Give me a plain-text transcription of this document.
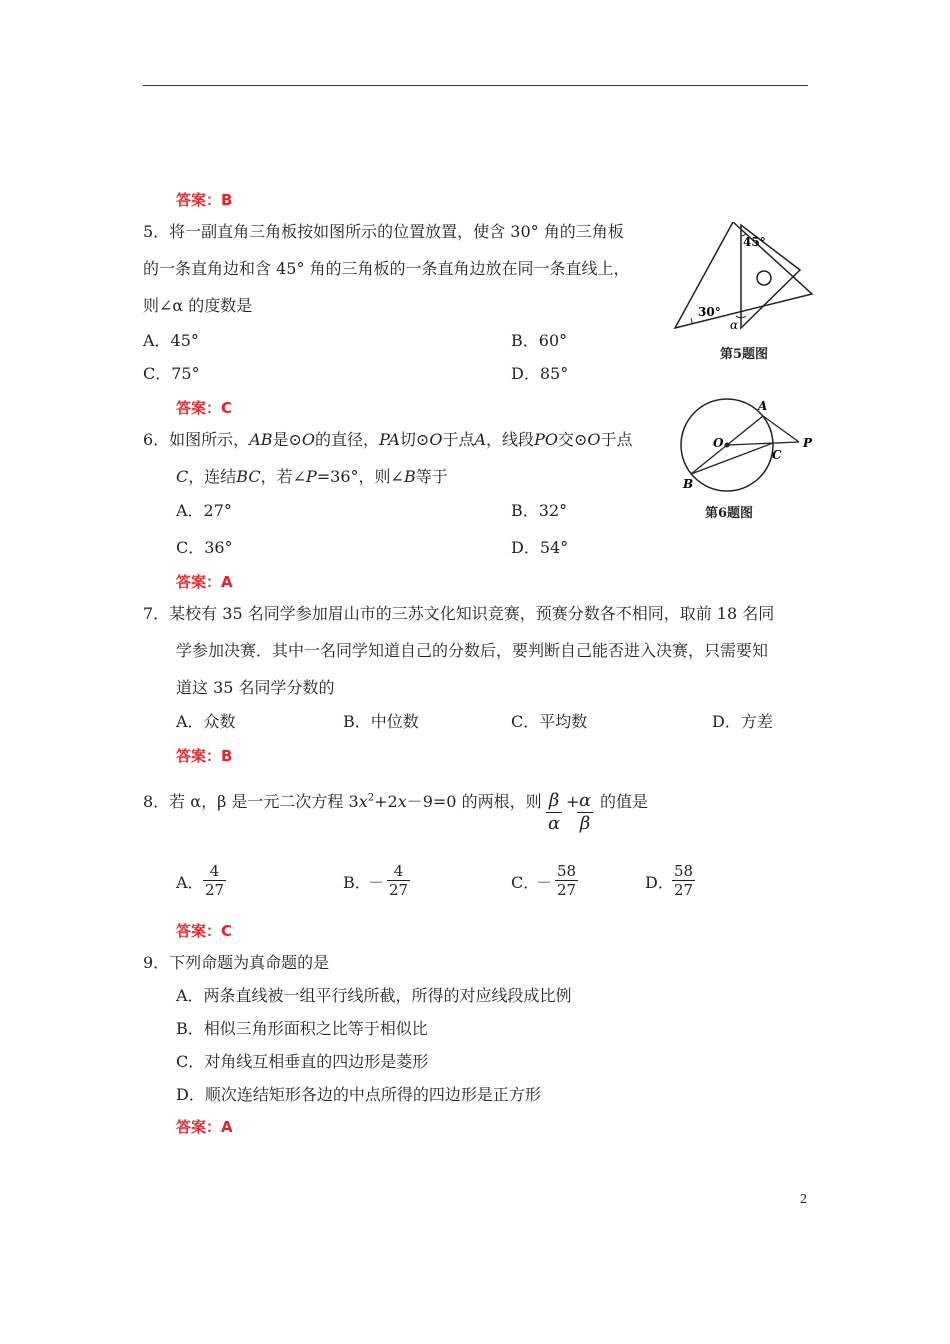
答案：B
5．将一副直角三角板按如图所示的位置放置，使含 30° 角的三角板
的一条直角边和含 45° 角的三角板的一条直角边放在同一条直线上，
则∠α 的度数是
A．45°	B．60°
C．75°	D．85°
45°
30°
α
第5题图
答案：C
6．如图所示，AB是⊙O的直径，PA切⊙O于点A，线段PO交⊙O于点
C，连结BC，若∠P=36°，则∠B等于
A．27°	B．32°
C．36°	D．54°
A
O	P
C
B
第6题图
答案：A
7．某校有 35 名同学参加眉山市的三苏文化知识竞赛，预赛分数各不相同，取前 18 名同
学参加决赛．其中一名同学知道自己的分数后，要判断自己能否进入决赛，只需要知
道这 35 名同学分数的
A．众数	B．中位数	C．平均数	D．方差
答案：B
8．若 α，β 是一元二次方程 $3x^2+2x-9=0$ 的两根，则 β
α
+ α
β
的值是
A．
4
27	B．
－
4
27	C．
－
58
27	D．
58
27
答案：C
9．下列命题为真命题的是
A．两条直线被一组平行线所截，所得的对应线段成比例
B．相似三角形面积之比等于相似比
C．对角线互相垂直的四边形是菱形
D．顺次连结矩形各边的中点所得的四边形是正方形
答案：A
2
